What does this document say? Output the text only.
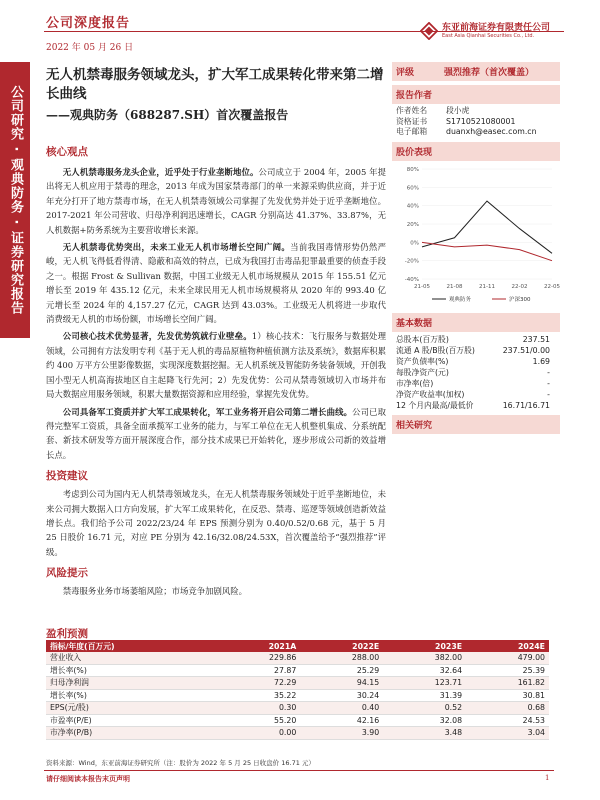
公司深度报告
2022 年 05 月 26 日
东亚前海证券有限责任公司
East Asia Qianhai Securities Co., Ltd.
公司研究 · 观典防务 · 证券研究报告
无人机禁毒服务领域龙头，扩大军工成果转化带来第二增长曲线
——观典防务（688287.SH）首次覆盖报告
核心观点

无人机禁毒服务龙头企业，近乎处于行业垄断地位。公司成立于 2004 年，2005 年提出将无人机应用于禁毒的理念，2013 年成为国家禁毒部门的单一来源采购供应商，并于近年充分打开了地方禁毒市场，在无人机禁毒领域公司掌握了先发优势并处于近乎垄断地位。2017-2021 年公司营收、归母净利润迅速增长，CAGR 分别高达 41.37%、33.87%，无人机数据+防务系统为主要营收增长来源。

无人机禁毒优势突出，未来工业无人机市场增长空间广阔。当前我国毒情形势仍然严峻，无人机飞得低看得清、隐蔽和高效的特点，已成为我国打击毒品犯罪最重要的侦查手段之一。根据 Frost & Sullivan 数据，中国工业级无人机市场规模从 2015 年 155.51 亿元增长至 2019 年 435.12 亿元，未来全球民用无人机市场规模将从 2020 年的 993.40 亿元增长至 2024 年的 4,157.27 亿元，CAGR 达到 43.03%。工业级无人机将进一步取代消费级无人机的市场份额，市场增长空间广阔。

公司核心技术优势显著，先发优势筑就行业壁垒。1）核心技术：飞行服务与数据处理领域，公司拥有方法发明专利《基于无人机的毒品原植物种植侦测方法及系统》，数据库积累约 400 万平方公里影像数据，实现深度数据挖掘。无人机系统及智能防务装备领域，开创我国小型无人机高海拔地区自主起降飞行先河；2）先发优势：公司从禁毒领域切入市场并布局大数据应用服务领域，积累大量数据资源和应用经验，掌握先发优势。

公司具备军工资质并扩大军工成果转化，军工业务将开启公司第二增长曲线。公司已取得完整军工资质，具备全面承揽军工业务的能力，与军工单位在无人机整机集成、分系统配套、新技术研发等方面开展深度合作，部分技术成果已开始转化，逐步形成公司新的效益增长点。

投资建议

考虑到公司为国内无人机禁毒领域龙头，在无人机禁毒服务领域处于近乎垄断地位，未来公司拥大数据入口方向发展，扩大军工成果转化，在反恐、禁毒、巡逻等领域创造新效益增长点。我们给予公司 2022/23/24 年 EPS 预测分别为 0.40/0.52/0.68 元，基于 5 月 25 日股价 16.71 元，对应 PE 分别为 42.16/32.08/24.53X，首次覆盖给予“强烈推荐”评级。

风险提示

禁毒服务业务市场萎缩风险；市场竞争加剧风险。

评级	强烈推荐（首次覆盖）
报告作者
作者姓名	段小虎
资格证书	S1710521080001
电子邮箱	duanxh@easec.com.cn
股价表现
-40%
-20%
0%
20%
40%
60%
80%
21-05	21-08	21-11	22-02	22-05
观典防务	沪深300
基本数据
总股本(百万股)	237.51
流通 A 股/B股(百万股)	237.51/0.00
资产负债率(%)	1.69
每股净资产(元)	-
市净率(倍)	-
净资产收益率(加权)	-
12 个月内最高/最低价	16.71/16.71
相关研究
盈利预测
指标/年度(百万元)	2021A	2022E	2023E	2024E
营业收入	229.86	288.00	382.00	479.00
增长率(%)	27.87	25.29	32.64	25.39
归母净利润	72.29	94.15	123.71	161.82
增长率(%)	35.22	30.24	31.39	30.81
EPS(元/股)	0.30	0.40	0.52	0.68
市盈率(P/E)	55.20	42.16	32.08	24.53
市净率(P/B)	0.00	3.90	3.48	3.04
资料来源：Wind，东亚前海证券研究所（注：股价为 2022 年 5 月 25 日收盘价 16.71 元）
请仔细阅读本报告末页声明	1
